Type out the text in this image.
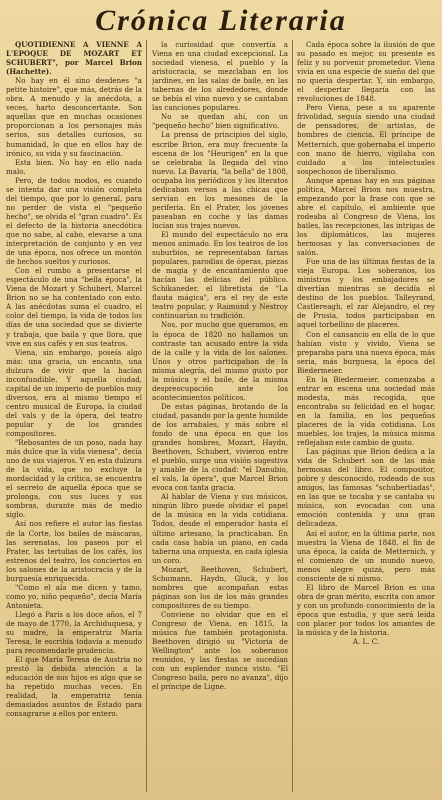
Crónica Literaria

QUOTIDIENNE A VIENNE A L'EPOQUE DE MOZART ET SCHUBERT", por Marcel Brion (Hachette).

No hay en él sino desdenes "a petite histoire", que más, detrás de la obra. A menudo y la anécdota, a veces, harto desconcertante. Son aquellas que en muchas ocasiones proporcionan a los personajes más serios, sus detalles curiosos, su humanidad, lo que en ellos hay de irónico, su vida y su fascinación.

Esta bien. No hay en ello nada malo.

Pero, de todos modos, es cuando se intenta dar una visión completa del tiempo, que por lo general, para no perder de vista el "pequeño hecho", se olvida el "gran cuadro". Es el defecto de la historia anecdótica que no sabe, al cabo, elevarse a una interpretación de conjunto y en vez de una época, nos ofrece un montón de hechos sueltos y curiosos.

Con el rumbo a presentarse el espectáculo de una "bella época", la Viena de Mozart y Schubert, Marcel Brion no se ha contentado con esto. A las anécdotas suma el cuadro, el color del tiempo, la vida de todos los días de una sociedad que se divierte y trabaja, que baila y que llora, que vive en sus cafés y en sus teatros.

Viena, sin embargo, poseía algo más: una gracia, un encanto, una dulzura de vivir que la hacían inconfundible. Y aquella ciudad, capital de un imperio de pueblos muy diversos, era al mismo tiempo el centro musical de Europa, la ciudad del vals y de la ópera, del teatro popular y de los grandes compositores.

"Rebosantes de un poso, nada hay más dulce que la vida vienesa", decía uno de sus viajeros. Y en esta dulzura de la vida, que no excluye la mordacidad y la crítica, se encuentra el secreto de aquella época que se prolonga, con sus luces y sus sombras, durante más de medio siglo.

Así nos refiere el autor las fiestas de la Corte, los bailes de máscaras, las serenatas, los paseos por el Prater, las tertulias de los cafés, los estrenos del teatro, los conciertos en los salones de la aristocracia y de la burguesía enriquecida.

"Como el ala me dicen y tamo, como yo, niño pequeño", decía María Antonieta.

Llegó a París a los doce años, el 7 de mayo de 1770, la Archiduquesa, y su madre, la emperatriz María Teresa, le escribía todavía a menudo para recomendarle prudencia.

El que María Teresa de Austria no prestó la debida atención a la educación de sus hijos es algo que se ha repetido muchas veces. En realidad, la emperatriz tenía demasiados asuntos de Estado para consagrarse a ellos por entero.

la curiosidad que convertía a Viena en una ciudad excepcional. La sociedad vienesa, el pueblo y la aristocracia, se mezclaban en los jardines, en las salas de baile, en las tabernas de los alrededores, donde se bebía el vino nuevo y se cantaban las canciones populares.

No se quedan ahí, con un "pequeño hecho" bien significativo.

La prensa de principios del siglo, escribe Brion, era muy frecuente la escena de los "Heurigen" en la que se celebraba la llegada del vino nuevo. La Bavaria, "la bella" de 1808, ocupaba los periódicos y los literatos dedicaban versos a las chicas que servían en los mesones de la periferia. En el Prater, los jóvenes paseaban en coche y las damas lucían sus trajes nuevos.

El mundo del espectáculo no era menos animado. En los teatros de los suburbios, se representaban farsas populares, parodias de óperas, piezas de magia y de encantamiento que hacían las delicias del público. Schikaneder, el libretista de "La flauta mágica", era el rey de este teatro popular, y Raimund y Nestroy continuarían su tradición.

Nos, por mucho que queramos, en la época de 1820 no hallamos un contraste tan acusado entre la vida de la calle y la vida de los salones. Unos y otros participaban de la misma alegría, del mismo gusto por la música y el baile, de la misma despreocupación ante los acontecimientos políticos.

De estas páginas, brotando de la ciudad, pasando por la gente humilde de los arrabales, y más sobre el fondo de una época en que los grandes hombres, Mozart, Haydn, Beethoven, Schubert, vivieron entre el pueblo, surge una visión sugestiva y amable de la ciudad: "el Danubio, el vals, la ópera", que Marcel Brion evoca con tanta gracia.

Al hablar de Viena y sus músicos, ningún libro puede olvidar el papel de la música en la vida cotidiana. Todos, desde el emperador hasta el último artesano, la practicaban. En cada casa había un piano, en cada taberna una orquesta, en cada iglesia un coro.

Mozart, Beethoven, Schubert, Schumann, Haydn, Gluck, y los nombres que acompañan estas páginas son los de los más grandes compositores de su tiempo.

Conviene no olvidar que en el Congreso de Viena, en 1815, la música fue también protagonista. Beethoven dirigió su "Victoria de Wellington" ante los soberanos reunidos, y las fiestas se sucedían con un esplendor nunca visto. "El Congreso baila, pero no avanza", dijo el príncipe de Ligne.

Cada época sobre la ilusión de que su pasado es mejor, su presente es feliz y su porvenir prometedor. Viena vivía en una especie de sueño del que no quería despertar. Y, sin embargo, el despertar llegaría con las revoluciones de 1848.

Pero Viena, pese a su aparente frivolidad, seguía siendo una ciudad de pensadores, de artistas, de hombres de ciencia. El príncipe de Metternich, que gobernaba el imperio con mano de hierro, vigilaba con cuidado a los intelectuales sospechosos de liberalismo.

Aunque apenas hay en sus páginas política, Marcel Brion nos muestra, empezando por la frase con que se abre el capítulo, el ambiente que rodeaba al Congreso de Viena, los bailes, las recepciones, las intrigas de los diplomáticos, las mujeres hermosas y las conversaciones de salón.

Fue una de las últimas fiestas de la vieja Europa. Los soberanos, los ministros y los embajadores se divertían mientras se decidía el destino de los pueblos. Talleyrand, Castlereagh, el zar Alejandro, el rey de Prusia, todos participaban en aquel torbellino de placeres.

Con el cansancio en ella de lo que habían visto y vivido, Viena se preparaba para una nueva época, más seria, más burguesa, la época del Biedermeier.

En la Biedermeier, comenzaba a entrar en escena una sociedad más modesta, más recogida, que encontraba su felicidad en el hogar, en la familia, en los pequeños placeres de la vida cotidiana. Los muebles, los trajes, la música misma reflejaban este cambio de gusto.

Las páginas que Brion dedica a la vida de Schubert son de las más hermosas del libro. El compositor, pobre y desconocido, rodeado de sus amigos, las famosas "schubertiadas", en las que se tocaba y se cantaba su música, son evocadas con una emoción contenida y una gran delicadeza.

Así el autor, en la última parte, nos muestra la Viena de 1848, el fin de una época, la caída de Metternich, y el comienzo de un mundo nuevo, menos alegre quizá, pero más consciente de sí mismo.

El libro de Marcel Brion es una obra de gran mérito, escrita con amor y con un profundo conocimiento de la época que estudia, y que será leída con placer por todos los amantes de la música y de la historia.

A. L. C.
